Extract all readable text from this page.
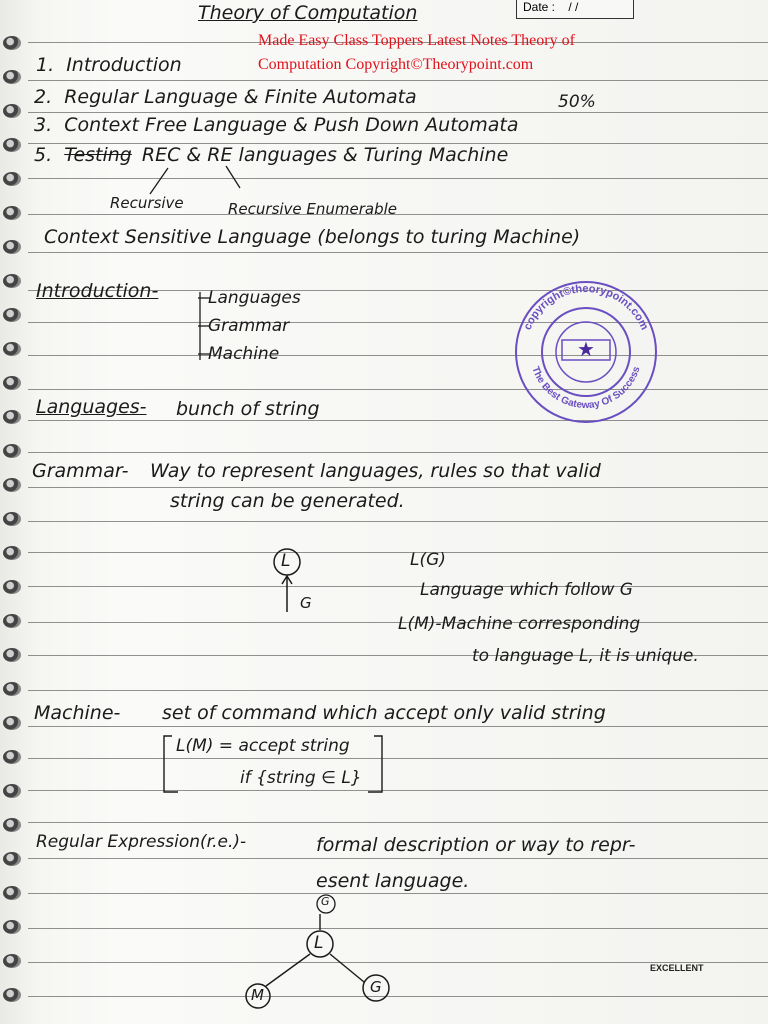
Date : / /
Theory of Computation
Made Easy Class Toppers Latest Notes Theory of
Computation Copyright©Theorypoint.com
1. Introduction
2. Regular Language & Finite Automata	50%
3. Context Free Language & Push Down Automata
5. Testing REC & RE languages & Turing Machine
Recursive	Recursive Enumerable
Context Sensitive Language (belongs to turing Machine)
Introduction-	Languages
Grammar
Machine
copyright©theorypoint.com
The Best Gateway Of Success
★
Languages- bunch of string
Grammar- Way to represent languages, rules so that valid
string can be generated.
L
G
L(G)
Language which follow G
L(M)-Machine corresponding
to language L, it is unique.
Machine- set of command which accept only valid string
L(M) = accept string
if {string ∈ L}
Regular Expression(r.e.)-	formal description or way to repr-
esent language.
G
L
M	G
EXCELLENT
